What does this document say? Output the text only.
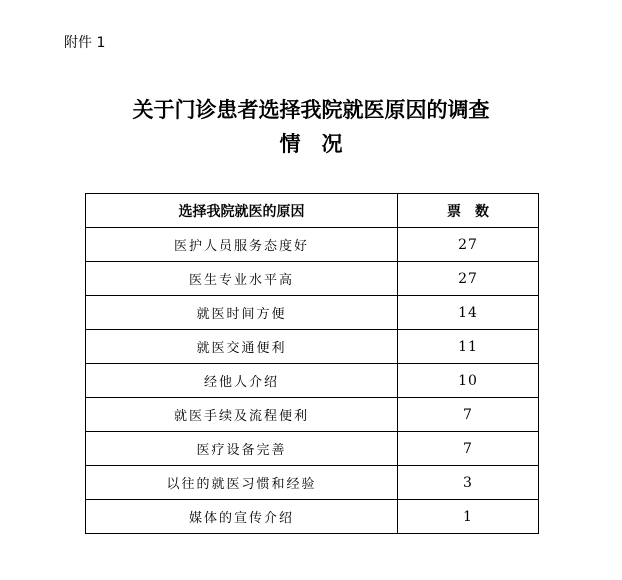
附件 1
关于门诊患者选择我院就医原因的调查
情　况
选择我院就医的原因	票　数
医护人员服务态度好	27
医生专业水平高	27
就医时间方便	14
就医交通便利	11
经他人介绍	10
就医手续及流程便利	7
医疗设备完善	7
以往的就医习惯和经验	3
媒体的宣传介绍	1
